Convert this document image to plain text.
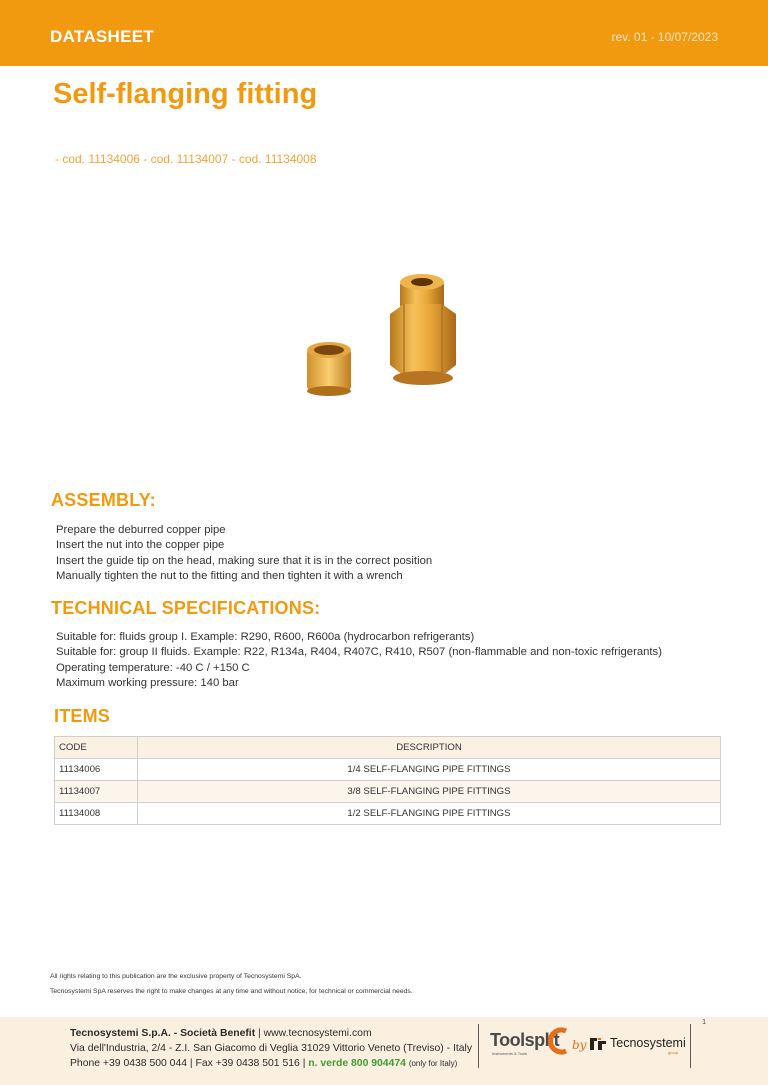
DATASHEET	rev. 01 - 10/07/2023
Self-flanging fitting
- cod. 11134006 - cod. 11134007 - cod. 11134008
ASSEMBLY:
Prepare the deburred copper pipe
Insert the nut into the copper pipe
Insert the guide tip on the head, making sure that it is in the correct position
Manually tighten the nut to the fitting and then tighten it with a wrench
TECHNICAL SPECIFICATIONS:
Suitable for: fluids group I. Example: R290, R600, R600a (hydrocarbon refrigerants)
Suitable for: group II fluids. Example: R22, R134a, R404, R407C, R410, R507 (non-flammable and non-toxic refrigerants)
Operating temperature: -40 C / +150 C
Maximum working pressure: 140 bar
ITEMS
CODE	DESCRIPTION
11134006	1/4 SELF-FLANGING PIPE FITTINGS
11134007	3/8 SELF-FLANGING PIPE FITTINGS
11134008	1/2 SELF-FLANGING PIPE FITTINGS
All rights relating to this publication are the exclusive property of Tecnosystemi SpA.
Tecnosystemi SpA reserves the right to make changes at any time and without notice, for technical or commercial needs.
1
Tecnosystemi S.p.A. - Società Benefit | www.tecnosystemi.com
Via dell'Industria, 2/4 - Z.I. San Giacomo di Veglia 31029 Vittorio Veneto (Treviso) - Italy
Phone +39 0438 500 044 | Fax +39 0438 501 516 | n. verde 800 904474 (only for Italy)
Toolsplit
Instruments & Tools
by	Tecnosystemi
group
